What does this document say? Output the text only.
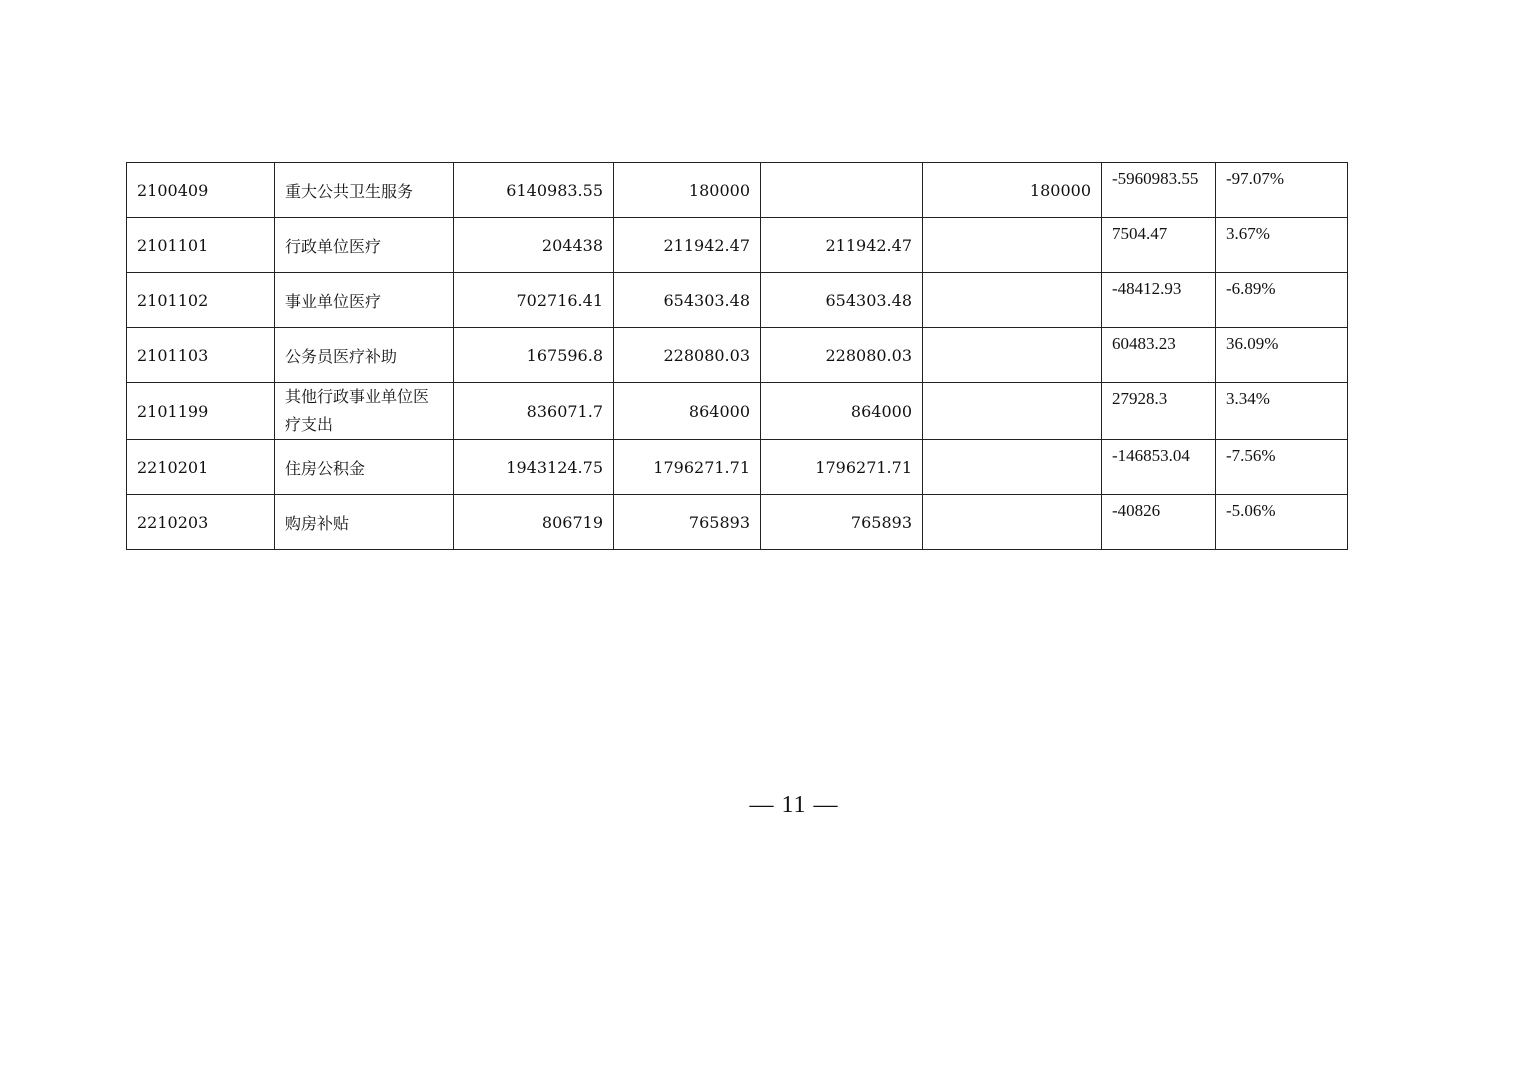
2100409	重大公共卫生服务	6140983.55	180000		180000	-5960983.55	-97.07%
2101101	行政单位医疗	204438	211942.47	211942.47		7504.47	3.67%
2101102	事业单位医疗	702716.41	654303.48	654303.48		-48412.93	-6.89%
2101103	公务员医疗补助	167596.8	228080.03	228080.03		60483.23	36.09%
2101199	其他行政事业单位医疗支出	836071.7	864000	864000		27928.3	3.34%
2210201	住房公积金	1943124.75	1796271.71	1796271.71		-146853.04	-7.56%
2210203	购房补贴	806719	765893	765893		-40826	-5.06%
— 11 —
